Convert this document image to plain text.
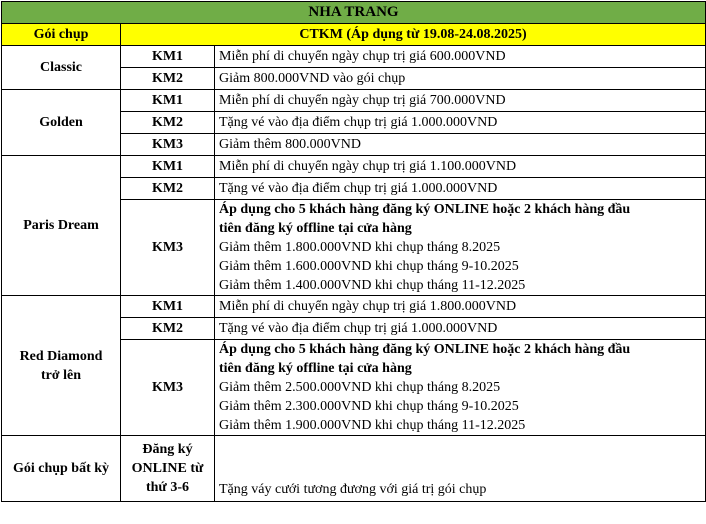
NHA TRANG		
Gói chụp	CTKM (Áp dụng từ 19.08-24.08.2025)	
Classic	KM1	Miễn phí di chuyển ngày chụp trị giá 600.000VND
	KM2	Giảm 800.000VND vào gói chụp
Golden	KM1	Miễn phí di chuyển ngày chụp trị giá 700.000VND
	KM2	Tặng vé vào địa điểm chụp trị giá 1.000.000VND
	KM3	Giảm thêm 800.000VND
Paris Dream	KM1	Miễn phí di chuyển ngày chụp trị giá 1.100.000VND
	KM2	Tặng vé vào địa điểm chụp trị giá 1.000.000VND
	KM3	Áp dụng cho 5 khách hàng đăng ký ONLINE hoặc 2 khách hàng đầu
tiên đăng ký offline tại cửa hàng
Giảm thêm 1.800.000VND khi chụp tháng 8.2025
Giảm thêm 1.600.000VND khi chụp tháng 9-10.2025
Giảm thêm 1.400.000VND khi chụp tháng 11-12.2025

Red Diamond
trở lên	KM1	Miễn phí di chuyển ngày chụp trị giá 1.800.000VND
	KM2	Tặng vé vào địa điểm chụp trị giá 1.000.000VND
	KM3	Áp dụng cho 5 khách hàng đăng ký ONLINE hoặc 2 khách hàng đầu
tiên đăng ký offline tại cửa hàng
Giảm thêm 2.500.000VND khi chụp tháng 8.2025
Giảm thêm 2.300.000VND khi chụp tháng 9-10.2025
Giảm thêm 1.900.000VND khi chụp tháng 11-12.2025

Gói chụp bất kỳ	Đăng ký
ONLINE từ
thứ 3-6	Tặng váy cưới tương đương với giá trị gói chụp
